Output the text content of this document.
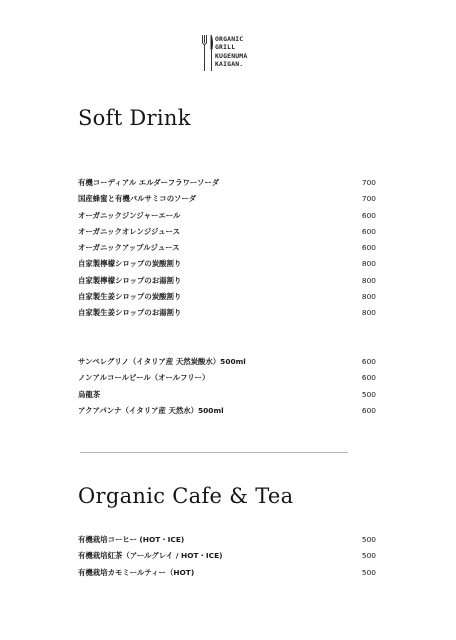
ORGANIC
GRILL
KUGENUMA
KAIGAN.
Soft Drink
有機コーディアル エルダーフラワーソーダ	700
国産蜂蜜と有機バルサミコのソーダ	700
オーガニックジンジャーエール	600
オーガニックオレンジジュース	600
オーガニックアップルジュース	600
自家製檸檬シロップの炭酸割り	800
自家製檸檬シロップのお湯割り	800
自家製生姜シロップの炭酸割り	800
自家製生姜シロップのお湯割り	800
サンペレグリノ（イタリア産 天然炭酸水）500ml	600
ノンアルコールビール（オールフリー）	600
烏龍茶	500
アクアパンナ（イタリア産 天然水）500ml	600
Organic Cafe & Tea
有機栽培コーヒー (HOT・ICE)	500
有機栽培紅茶（アールグレイ / HOT・ICE)	500
有機栽培カモミールティー（HOT)	500
